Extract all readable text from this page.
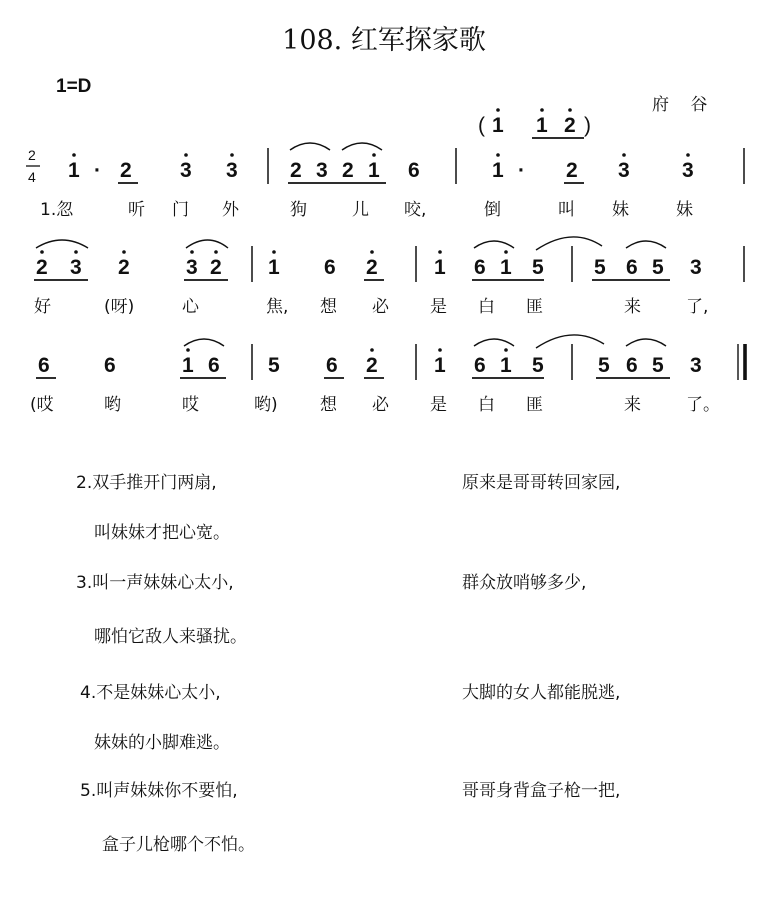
108. 红军探家歌
1=D
府 谷
2
4
( 1 1 2 )
1 · 2 3 3 2 3 2 1 6	1 · 2 3 3
1.忽	听 门 外	狗	儿 咬,	倒	叫 妹	妹
2 3 2	3 2 1 6 2	1 6 1 5 5 6 5 3
好	(呀)	心	焦, 想 必 是 白 匪	来	了,
6	6	1 6 5 6 2	1 6 1 5	5 6 5 3
(哎	哟	哎	哟) 想 必 是 白 匪	来	了。
2.双手推开门两扇,	原来是哥哥转回家园,
叫妹妹才把心宽。
3.叫一声妹妹心太小,	群众放哨够多少,
哪怕它敌人来骚扰。
4.不是妹妹心太小,	大脚的女人都能脱逃,
妹妹的小脚难逃。
5.叫声妹妹你不要怕,	哥哥身背盒子枪一把,
盒子儿枪哪个不怕。
